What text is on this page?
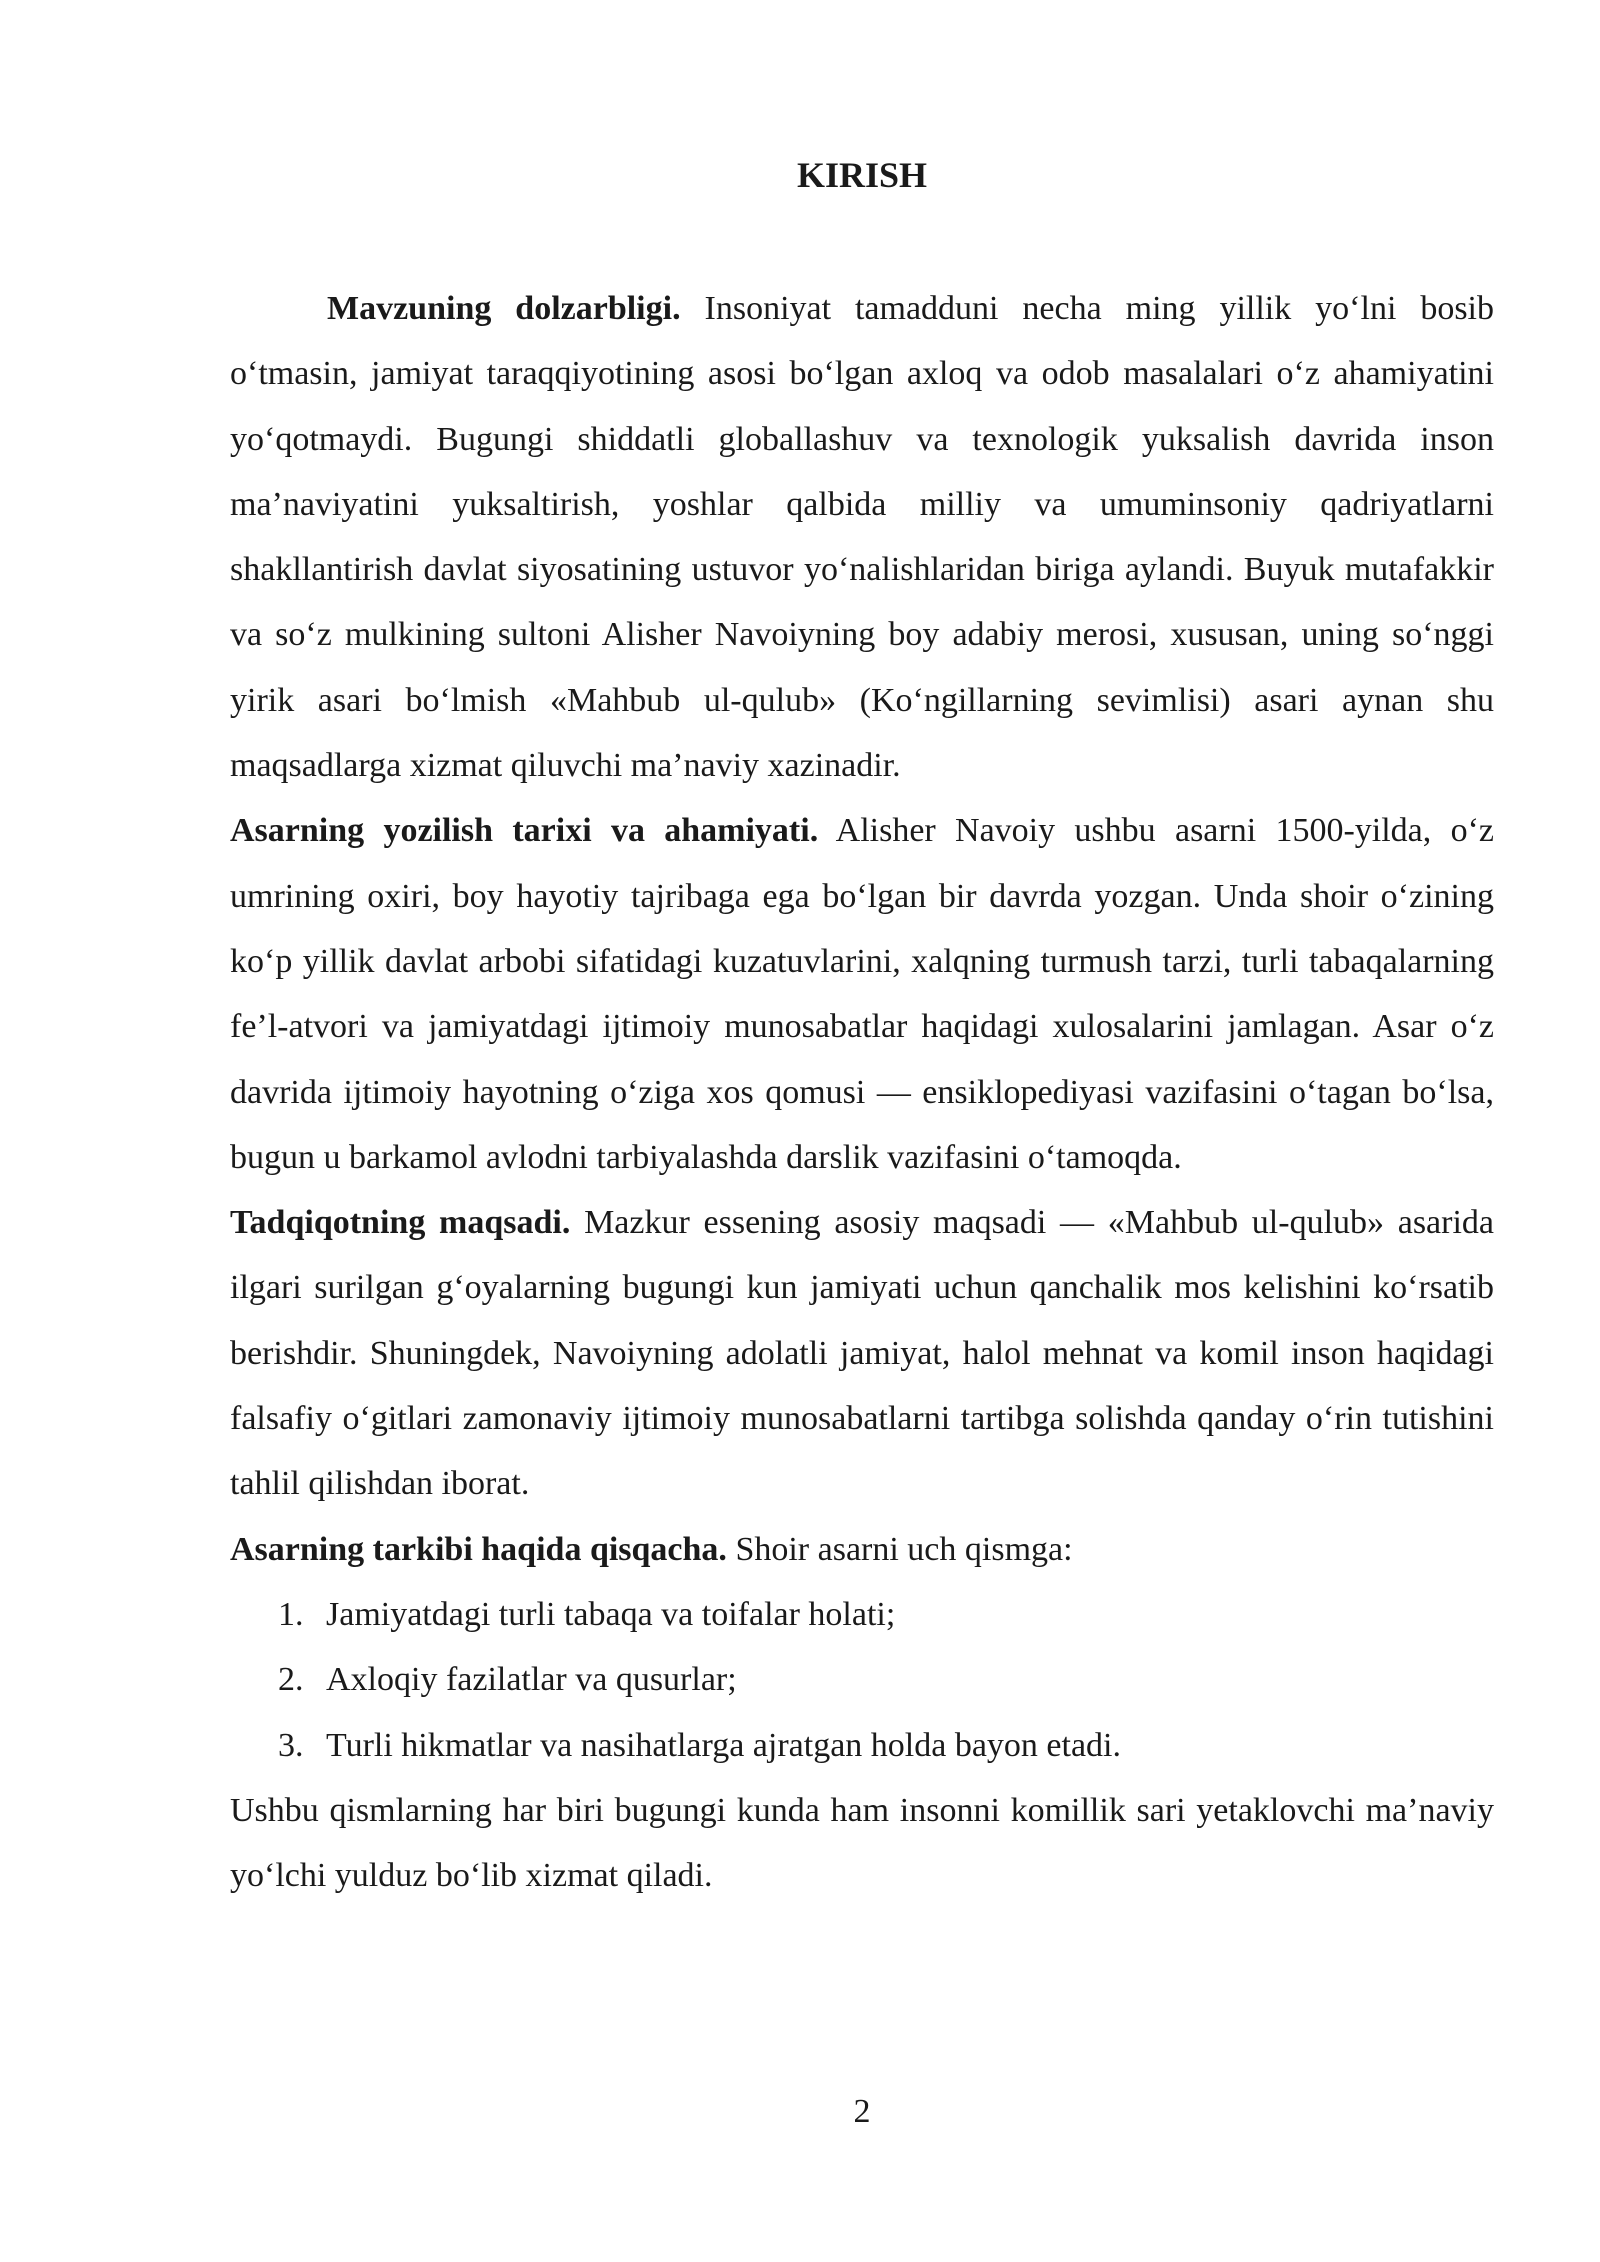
KIRISH

Mavzuning dolzarbligi. Insoniyat tamadduni necha ming yillik yo‘lni bosib o‘tmasin, jamiyat taraqqiyotining asosi bo‘lgan axloq va odob masalalari o‘z ahamiyatini yo‘qotmaydi. Bugungi shiddatli globallashuv va texnologik yuksalish davrida inson ma’naviyatini yuksaltirish, yoshlar qalbida milliy va umuminsoniy qadriyatlarni shakllantirish davlat siyosatining ustuvor yo‘nalishlaridan biriga aylandi. Buyuk mutafakkir va so‘z mulkining sultoni Alisher Navoiyning boy adabiy merosi, xususan, uning so‘nggi yirik asari bo‘lmish «Mahbub ul-qulub» (Ko‘ngillarning sevimlisi) asari aynan shu maqsadlarga xizmat qiluvchi ma’naviy xazinadir.

Asarning yozilish tarixi va ahamiyati. Alisher Navoiy ushbu asarni 1500-yilda, o‘z umrining oxiri, boy hayotiy tajribaga ega bo‘lgan bir davrda yozgan. Unda shoir o‘zining ko‘p yillik davlat arbobi sifatidagi kuzatuvlarini, xalqning turmush tarzi, turli tabaqalarning fe’l-atvori va jamiyatdagi ijtimoiy munosabatlar haqidagi xulosalarini jamlagan. Asar o‘z davrida ijtimoiy hayotning o‘ziga xos qomusi — ensiklopediyasi vazifasini o‘tagan bo‘lsa, bugun u barkamol avlodni tarbiyalashda darslik vazifasini o‘tamoqda.

Tadqiqotning maqsadi. Mazkur essening asosiy maqsadi — «Mahbub ul-qulub» asarida ilgari surilgan g‘oyalarning bugungi kun jamiyati uchun qanchalik mos kelishini ko‘rsatib berishdir. Shuningdek, Navoiyning adolatli jamiyat, halol mehnat va komil inson haqidagi falsafiy o‘gitlari zamonaviy ijtimoiy munosabatlarni tartibga solishda qanday o‘rin tutishini tahlil qilishdan iborat.

Asarning tarkibi haqida qisqacha. Shoir asarni uch qismga:

1. Jamiyatdagi turli tabaqa va toifalar holati;
2. Axloqiy fazilatlar va qusurlar;
3. Turli hikmatlar va nasihatlarga ajratgan holda bayon etadi.

Ushbu qismlarning har biri bugungi kunda ham insonni komillik sari yetaklovchi ma’naviy yo‘lchi yulduz bo‘lib xizmat qiladi.

2
